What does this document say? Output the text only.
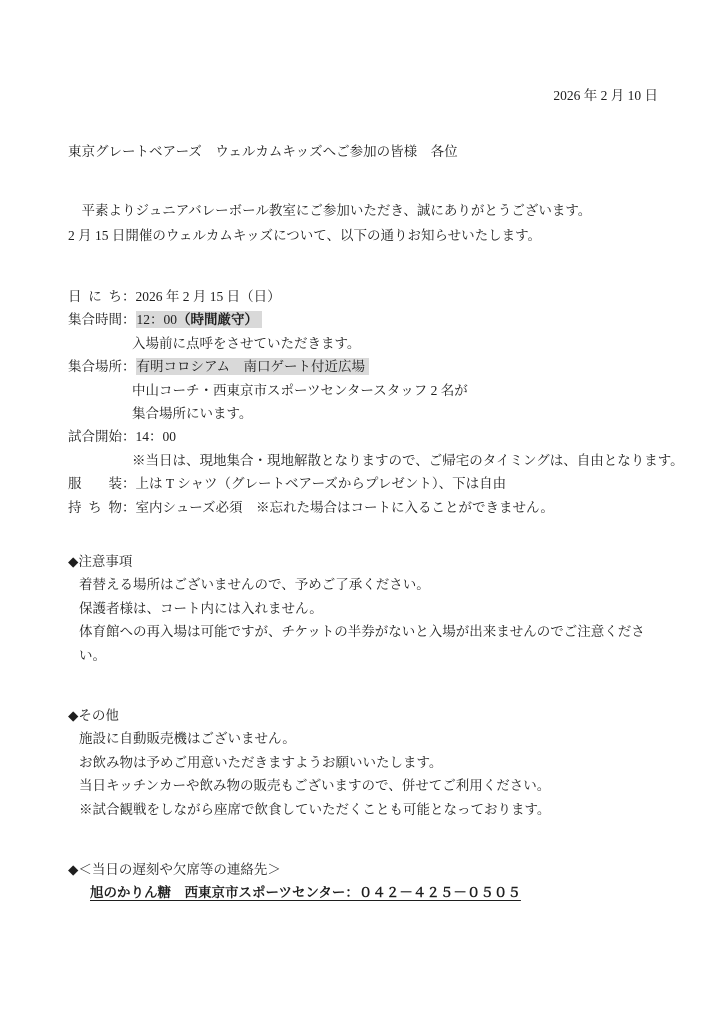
2026 年 2 月 10 日
東京グレートベアーズ　ウェルカムキッズへご参加の皆様　各位

平素よりジュニアバレーボール教室にご参加いただき、誠にありがとうございます。

2 月 15 日開催のウェルカムキッズについて、以下の通りお知らせいたします。

日にち：2026 年 2 月 15 日（日）
集合時間：12：00（時間厳守）
入場前に点呼をさせていただきます。
集合場所：有明コロシアム　南口ゲート付近広場
中山コーチ・西東京市スポーツセンタースタッフ 2 名が
集合場所にいます。
試合開始：14：00
※当日は、現地集合・現地解散となりますので、ご帰宅のタイミングは、自由となります。
服装：上は T シャツ（グレートベアーズからプレゼント）、下は自由
持ち物：室内シューズ必須　※忘れた場合はコートに入ることができません。
◆注意事項
着替える場所はございませんので、予めご了承ください。
保護者様は、コート内には入れません。
体育館への再入場は可能ですが、チケットの半券がないと入場が出来ませんのでご注意ください。
◆その他
施設に自動販売機はございません。
お飲み物は予めご用意いただきますようお願いいたします。
当日キッチンカーや飲み物の販売もございますので、併せてご利用ください。
※試合観戦をしながら座席で飲食していただくことも可能となっております。
◆＜当日の遅刻や欠席等の連絡先＞
旭のかりん糖　西東京市スポーツセンター：０４２－４２５－０５０５
